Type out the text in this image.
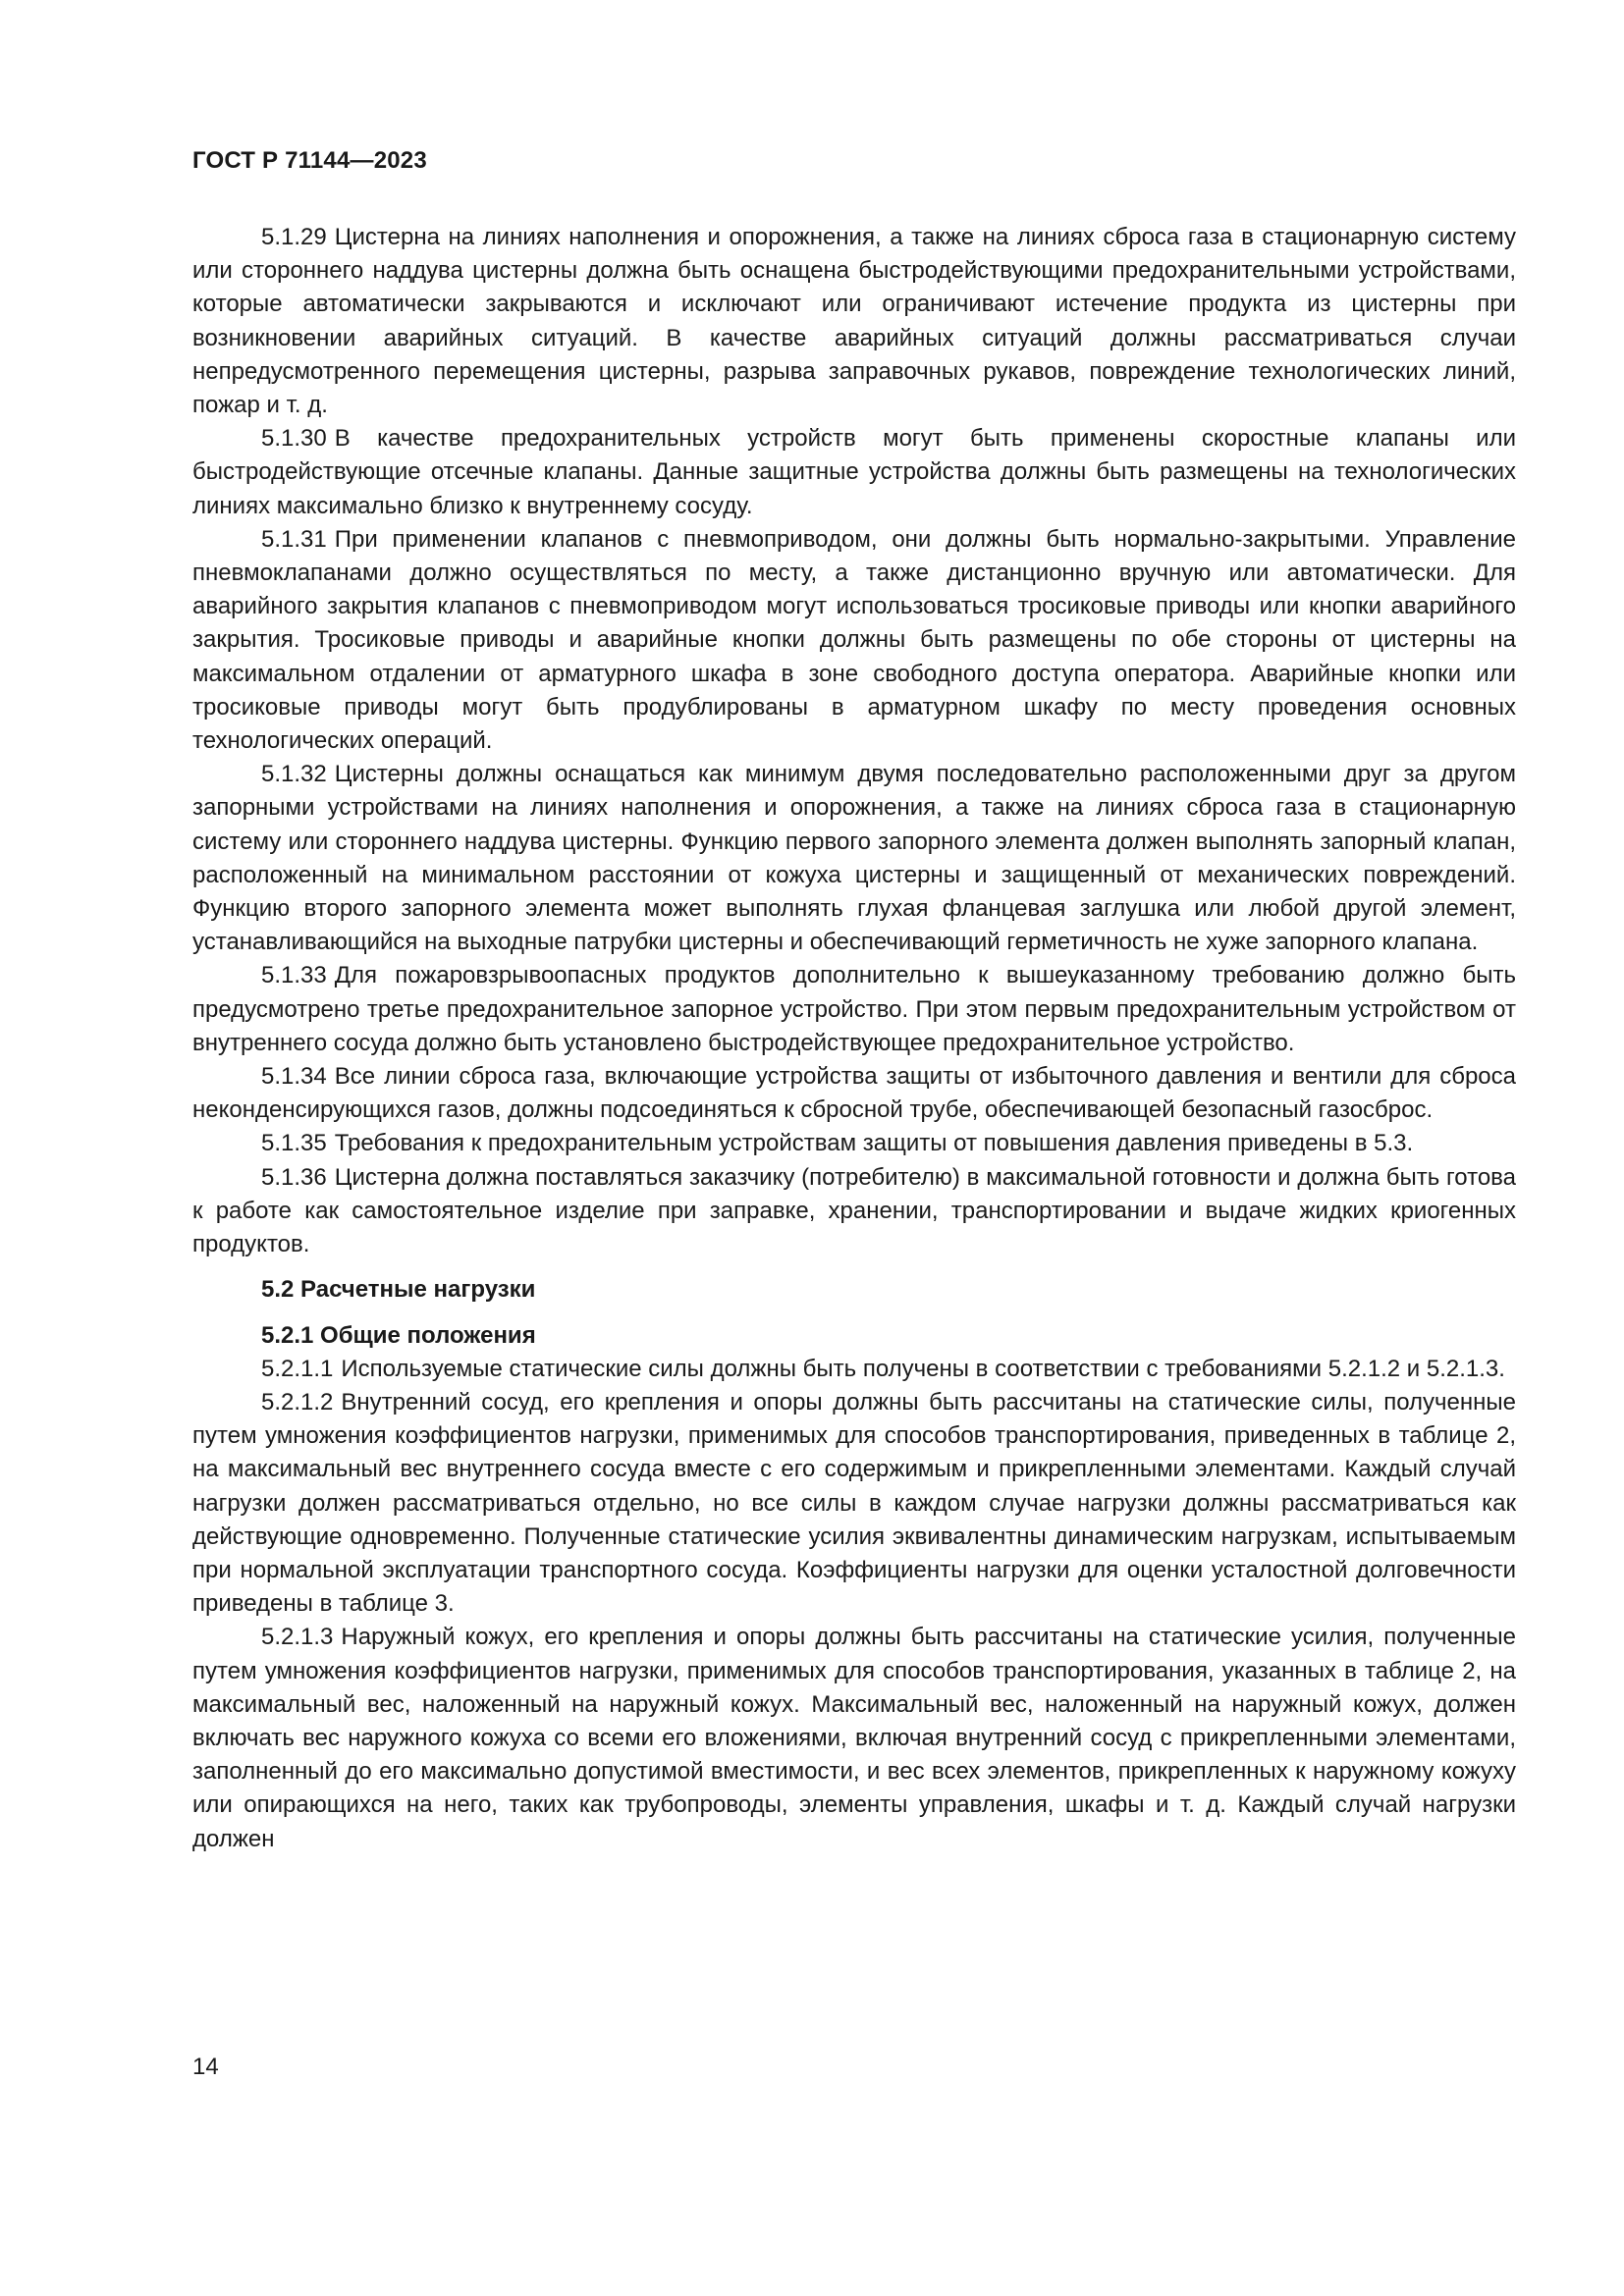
ГОСТ Р 71144—2023

5.1.29 Цистерна на линиях наполнения и опорожнения, а также на линиях сброса газа в стационарную систему или стороннего наддува цистерны должна быть оснащена быстродействующими предохранительными устройствами, которые автоматически закрываются и исключают или ограничивают истечение продукта из цистерны при возникновении аварийных ситуаций. В качестве аварийных ситуаций должны рассматриваться случаи непредусмотренного перемещения цистерны, разрыва заправочных рукавов, повреждение технологических линий, пожар и т. д.

5.1.30 В качестве предохранительных устройств могут быть применены скоростные клапаны или быстродействующие отсечные клапаны. Данные защитные устройства должны быть размещены на технологических линиях максимально близко к внутреннему сосуду.

5.1.31 При применении клапанов с пневмоприводом, они должны быть нормально-закрытыми. Управление пневмоклапанами должно осуществляться по месту, а также дистанционно вручную или автоматически. Для аварийного закрытия клапанов с пневмоприводом могут использоваться тросиковые приводы или кнопки аварийного закрытия. Тросиковые приводы и аварийные кнопки должны быть размещены по обе стороны от цистерны на максимальном отдалении от арматурного шкафа в зоне свободного доступа оператора. Аварийные кнопки или тросиковые приводы могут быть продублированы в арматурном шкафу по месту проведения основных технологических операций.

5.1.32 Цистерны должны оснащаться как минимум двумя последовательно расположенными друг за другом запорными устройствами на линиях наполнения и опорожнения, а также на линиях сброса газа в стационарную систему или стороннего наддува цистерны. Функцию первого запорного элемента должен выполнять запорный клапан, расположенный на минимальном расстоянии от кожуха цистерны и защищенный от механических повреждений. Функцию второго запорного элемента может выполнять глухая фланцевая заглушка или любой другой элемент, устанавливающийся на выходные патрубки цистерны и обеспечивающий герметичность не хуже запорного клапана.

5.1.33 Для пожаровзрывоопасных продуктов дополнительно к вышеуказанному требованию должно быть предусмотрено третье предохранительное запорное устройство. При этом первым предохранительным устройством от внутреннего сосуда должно быть установлено быстродействующее предохранительное устройство.

5.1.34 Все линии сброса газа, включающие устройства защиты от избыточного давления и вентили для сброса неконденсирующихся газов, должны подсоединяться к сбросной трубе, обеспечивающей безопасный газосброс.

5.1.35 Требования к предохранительным устройствам защиты от повышения давления приведены в 5.3.

5.1.36 Цистерна должна поставляться заказчику (потребителю) в максимальной готовности и должна быть готова к работе как самостоятельное изделие при заправке, хранении, транспортировании и выдаче жидких криогенных продуктов.

5.2 Расчетные нагрузки
5.2.1 Общие положения

5.2.1.1 Используемые статические силы должны быть получены в соответствии с требованиями 5.2.1.2 и 5.2.1.3.

5.2.1.2 Внутренний сосуд, его крепления и опоры должны быть рассчитаны на статические силы, полученные путем умножения коэффициентов нагрузки, применимых для способов транспортирования, приведенных в таблице 2, на максимальный вес внутреннего сосуда вместе с его содержимым и прикрепленными элементами. Каждый случай нагрузки должен рассматриваться отдельно, но все силы в каждом случае нагрузки должны рассматриваться как действующие одновременно. Полученные статические усилия эквивалентны динамическим нагрузкам, испытываемым при нормальной эксплуатации транспортного сосуда. Коэффициенты нагрузки для оценки усталостной долговечности приведены в таблице 3.

5.2.1.3 Наружный кожух, его крепления и опоры должны быть рассчитаны на статические усилия, полученные путем умножения коэффициентов нагрузки, применимых для способов транспортирования, указанных в таблице 2, на максимальный вес, наложенный на наружный кожух. Максимальный вес, наложенный на наружный кожух, должен включать вес наружного кожуха со всеми его вложениями, включая внутренний сосуд с прикрепленными элементами, заполненный до его максимально допустимой вместимости, и вес всех элементов, прикрепленных к наружному кожуху или опирающихся на него, таких как трубопроводы, элементы управления, шкафы и т. д. Каждый случай нагрузки должен

14
